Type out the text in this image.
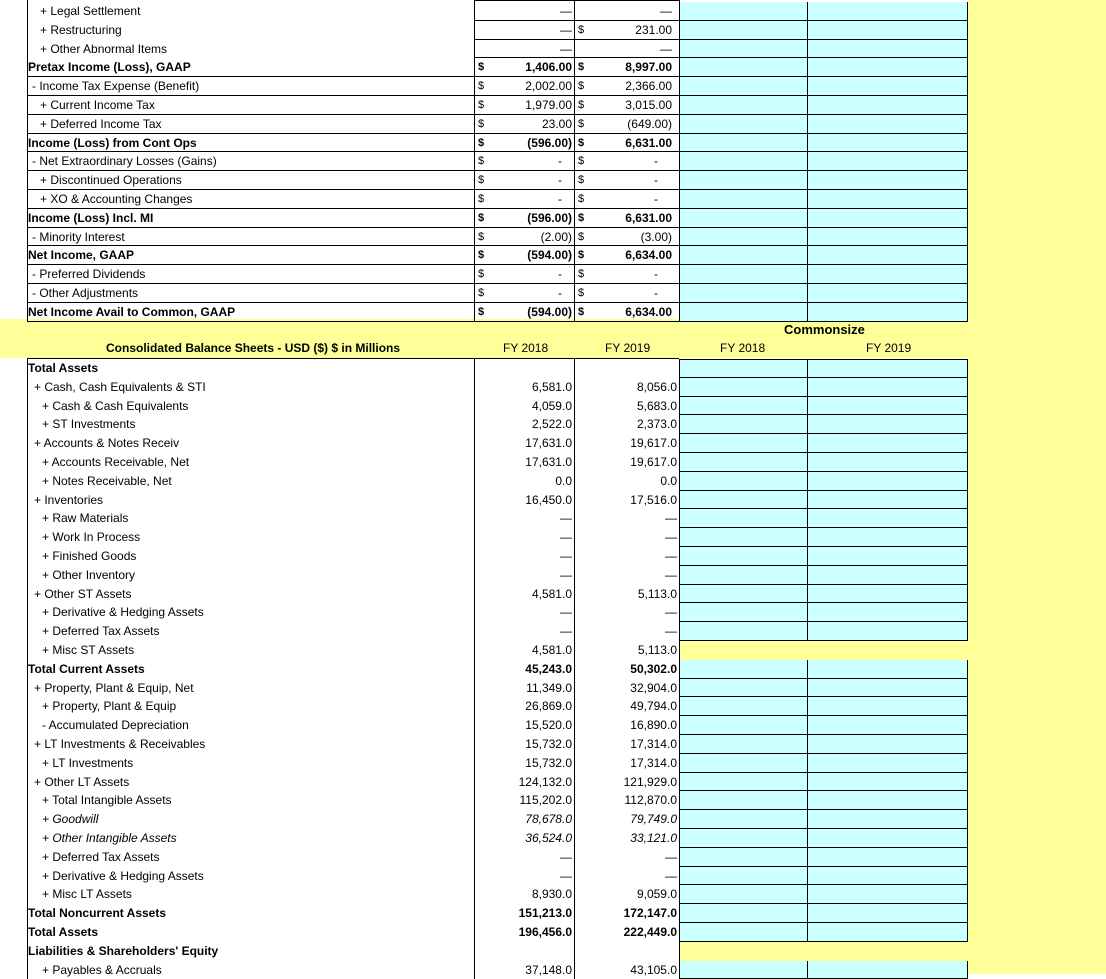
+ Legal Settlement	—	—
+ Restructuring	— $	231.00
+ Other Abnormal Items	—	—
Pretax Income (Loss), GAAP	$	1,406.00 $	8,997.00
- Income Tax Expense (Benefit)	$	2,002.00 $	2,366.00
+ Current Income Tax	$	1,979.00 $	3,015.00
+ Deferred Income Tax	$	23.00 $	(649.00)
Income (Loss) from Cont Ops	$	(596.00) $	6,631.00
- Net Extraordinary Losses (Gains)	$	- $	-
+ Discontinued Operations	$	- $	-
+ XO & Accounting Changes	$	- $	-
Income (Loss) Incl. MI	$	(596.00) $	6,631.00
- Minority Interest	$	(2.00) $	(3.00)
Net Income, GAAP	$	(594.00) $	6,634.00
- Preferred Dividends	$	- $	-
- Other Adjustments	$	- $	-
Net Income Avail to Common, GAAP	$	(594.00) $	6,634.00
Commonsize
Consolidated Balance Sheets - USD ($) $ in Millions	FY 2018	FY 2019	FY 2018	FY 2019
Total Assets
+ Cash, Cash Equivalents & STI	6,581.0	8,056.0
+ Cash & Cash Equivalents	4,059.0	5,683.0
+ ST Investments	2,522.0	2,373.0
+ Accounts & Notes Receiv	17,631.0	19,617.0
+ Accounts Receivable, Net	17,631.0	19,617.0
+ Notes Receivable, Net	0.0	0.0
+ Inventories	16,450.0	17,516.0
+ Raw Materials	—	—
+ Work In Process	—	—
+ Finished Goods	—	—
+ Other Inventory	—	—
+ Other ST Assets	4,581.0	5,113.0
+ Derivative & Hedging Assets	—	—
+ Deferred Tax Assets	—	—
+ Misc ST Assets	4,581.0	5,113.0
Total Current Assets	45,243.0	50,302.0
+ Property, Plant & Equip, Net	11,349.0	32,904.0
+ Property, Plant & Equip	26,869.0	49,794.0
- Accumulated Depreciation	15,520.0	16,890.0
+ LT Investments & Receivables	15,732.0	17,314.0
+ LT Investments	15,732.0	17,314.0
+ Other LT Assets	124,132.0	121,929.0
+ Total Intangible Assets	115,202.0	112,870.0
+ Goodwill	78,678.0	79,749.0
+ Other Intangible Assets	36,524.0	33,121.0
+ Deferred Tax Assets	—	—
+ Derivative & Hedging Assets	—	—
+ Misc LT Assets	8,930.0	9,059.0
Total Noncurrent Assets	151,213.0	172,147.0
Total Assets	196,456.0	222,449.0
Liabilities & Shareholders' Equity
+ Payables & Accruals	37,148.0	43,105.0
